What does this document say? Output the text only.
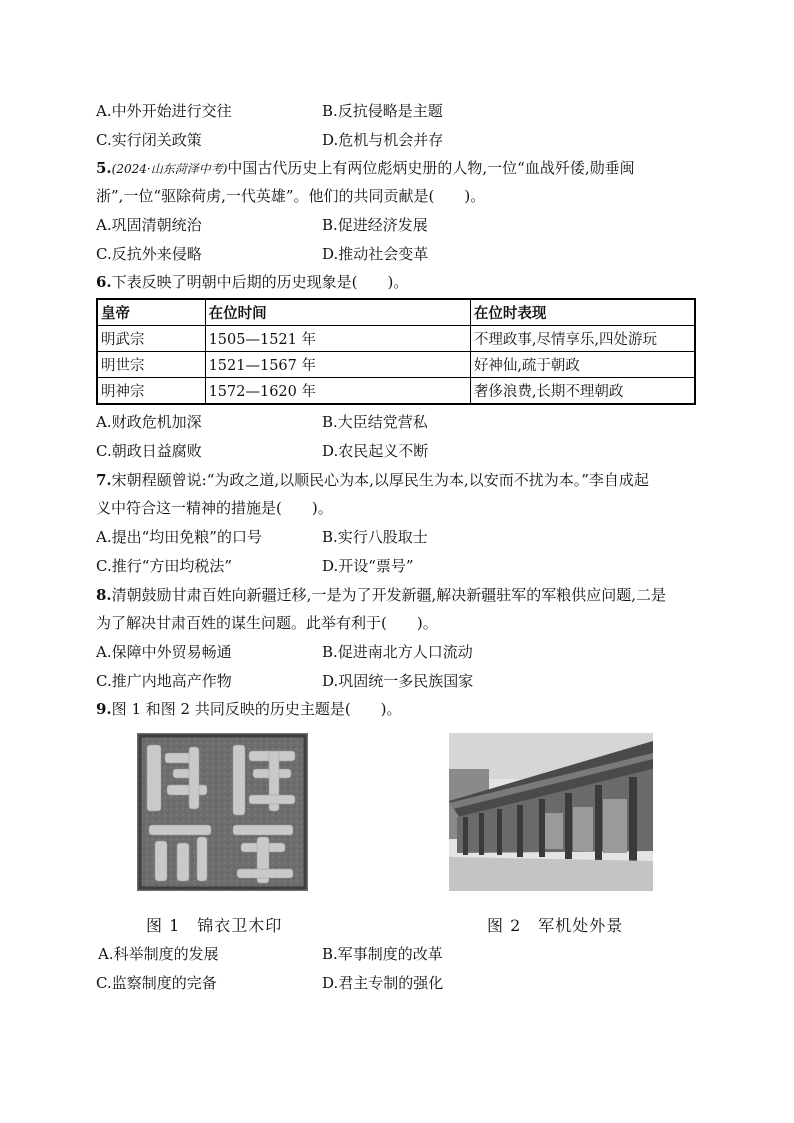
A.中外开始进行交往	B.反抗侵略是主题
C.实行闭关政策	D.危机与机会并存
5.(2024·山东菏泽中考)中国古代历史上有两位彪炳史册的人物,一位“血战歼倭,勋垂闽
浙”,一位“驱除荷虏,一代英雄”。他们的共同贡献是(　　)。
A.巩固清朝统治	B.促进经济发展
C.反抗外来侵略	D.推动社会变革
6.下表反映了明朝中后期的历史现象是(　　)。
皇帝	在位时间	在位时表现
明武宗	1505—1521 年	不理政事,尽情享乐,四处游玩
明世宗	1521—1567 年	好神仙,疏于朝政
明神宗	1572—1620 年	奢侈浪费,长期不理朝政
A.财政危机加深	B.大臣结党营私
C.朝政日益腐败	D.农民起义不断
7.宋朝程颐曾说:“为政之道,以顺民心为本,以厚民生为本,以安而不扰为本。”李自成起
义中符合这一精神的措施是(　　)。
A.提出“均田免粮”的口号	B.实行八股取士
C.推行“方田均税法”	D.开设“票号”
8.清朝鼓励甘肃百姓向新疆迁移,一是为了开发新疆,解决新疆驻军的军粮供应问题,二是
为了解决甘肃百姓的谋生问题。此举有利于(　　)。
A.保障中外贸易畅通	B.促进南北方人口流动
C.推广内地高产作物	D.巩固统一多民族国家
9.图 1 和图 2 共同反映的历史主题是(　　)。
图 1　锦衣卫木印	图 2　军机处外景
A.科举制度的发展	B.军事制度的改革
C.监察制度的完备	D.君主专制的强化
